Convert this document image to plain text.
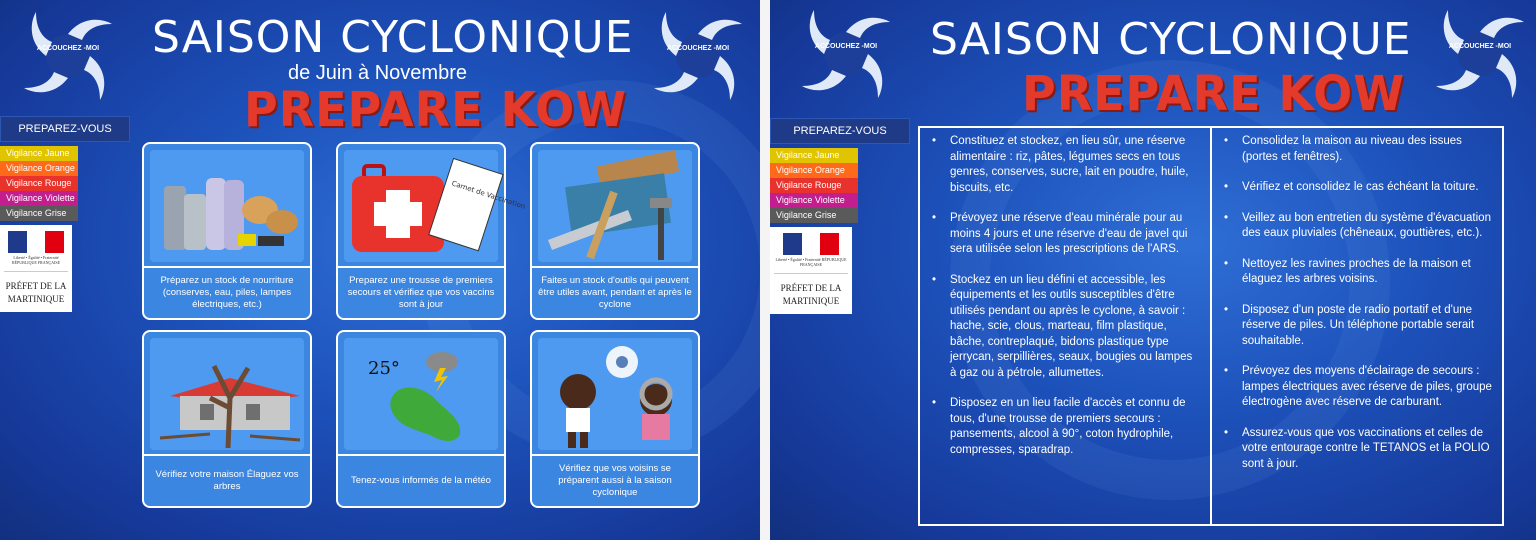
ACCOUCHEZ -MOI	ACCOUCHEZ -MOI
SAISON CYCLONIQUE
de Juin à Novembre
PREPARE KOW
PREPAREZ-VOUS
Vigilance Jaune
Vigilance Orange
Vigilance Rouge
Vigilance Violette
Vigilance Grise
Liberté • Égalité • Fraternité RÉPUBLIQUE FRANÇAISE
PRÉFET DE LA MARTINIQUE
Préparez un stock de nourriture (conserves, eau, piles, lampes électriques, etc.)
Carnet de Vaccination
Preparez une trousse de premiers secours et vérifiez que vos vaccins sont à jour
Faites un stock d'outils qui peuvent être utiles avant, pendant et après le cyclone
Vérifiez votre maison Élaguez vos arbres
25°
Tenez-vous informés de la météo
Vérifiez que vos voisins se préparent aussi à la saison cyclonique
ACCOUCHEZ -MOI	ACCOUCHEZ -MOI
SAISON CYCLONIQUE
PREPARE KOW
PREPAREZ-VOUS
Vigilance Jaune
Vigilance Orange
Vigilance Rouge
Vigilance Violette
Vigilance Grise
Liberté • Égalité • Fraternité RÉPUBLIQUE FRANÇAISE
PRÉFET DE LA MARTINIQUE
• Constituez et stockez, en lieu sûr, une réserve alimentaire : riz, pâtes, légumes secs en tous genres, conserves, sucre, lait en poudre, huile, biscuits, etc.
• Prévoyez une réserve d'eau minérale pour au moins 4 jours et une réserve d'eau de javel qui sera utilisée selon les prescriptions de l'ARS.
• Stockez en un lieu défini et accessible, les équipements et les outils susceptibles d'être utilisés pendant ou après le cyclone, à savoir : hache, scie, clous, marteau, film plastique, bâche, contreplaqué, bidons plastique type jerrycan, serpillières, seaux, bougies ou lampes à gaz ou à pétrole, allumettes.
• Disposez en un lieu facile d'accès et connu de tous, d'une trousse de premiers secours : pansements, alcool à 90°, coton hydrophile, compresses, sparadrap.
• Consolidez la maison au niveau des issues (portes et fenêtres).
• Vérifiez et consolidez le cas échéant la toiture.
• Veillez au bon entretien du système d'évacuation des eaux pluviales (chêneaux, gouttières, etc.).
• Nettoyez les ravines proches de la maison et élaguez les arbres voisins.
• Disposez d'un poste de radio portatif et d'une réserve de piles. Un téléphone portable serait souhaitable.
• Prévoyez des moyens d'éclairage de secours : lampes électriques avec réserve de piles, groupe électrogène avec réserve de carburant.
• Assurez-vous que vos vaccinations et celles de votre entourage contre le TETANOS et la POLIO sont à jour.
